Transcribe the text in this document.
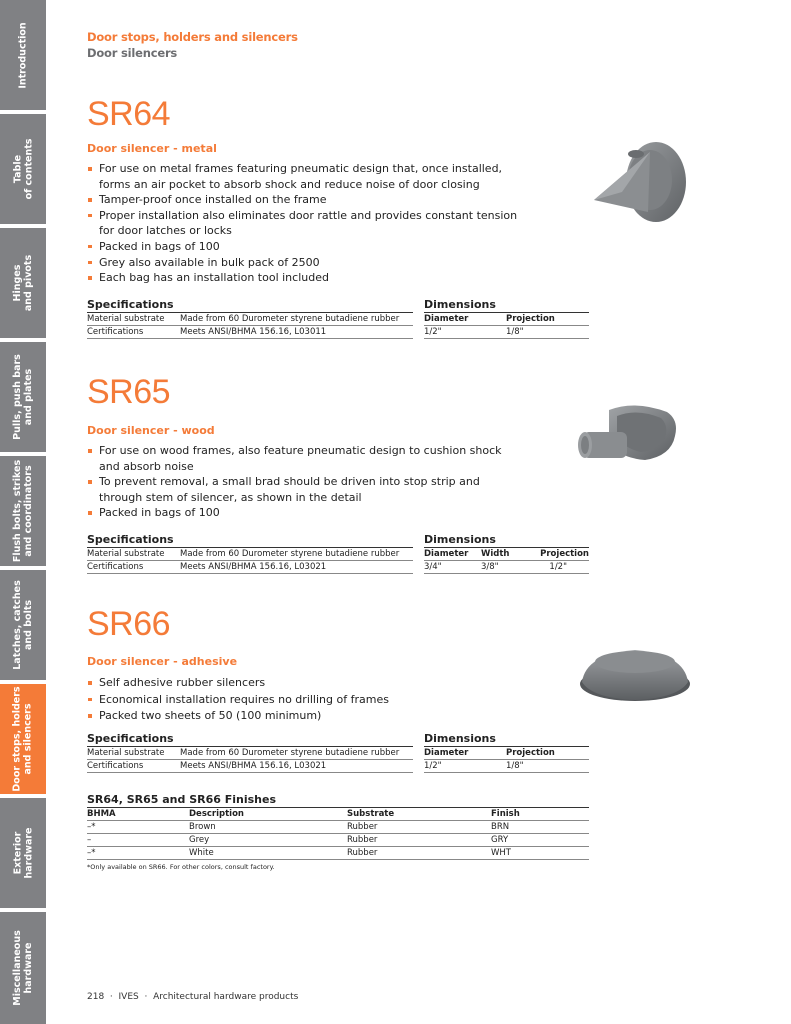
Introduction
Table
of contents
Hinges
and pivots
Pulls, push bars
and plates
Flush bolts, strikes
and coordinators
Latches, catches
and bolts
Door stops, holders
and silencers
Exterior
hardware
Miscellaneous
hardware
Door stops, holders and silencers
Door silencers
SR64
Door silencer - metal
For use on metal frames featuring pneumatic design that, once installed,
forms an air pocket to absorb shock and reduce noise of door closing
Tamper-proof once installed on the frame
Proper installation also eliminates door rattle and provides constant tension
for door latches or locks
Packed in bags of 100
Grey also available in bulk pack of 2500
Each bag has an installation tool included
Specifications
Material substrate	Made from 60 Durometer styrene butadiene rubber
Certifications	Meets ANSI/BHMA 156.16, L03011
Dimensions
Diameter	Projection
1/2"	1/8"
SR65
Door silencer - wood
For use on wood frames, also feature pneumatic design to cushion shock
and absorb noise
To prevent removal, a small brad should be driven into stop strip and
through stem of silencer, as shown in the detail
Packed in bags of 100
Specifications
Material substrate	Made from 60 Durometer styrene butadiene rubber
Certifications	Meets ANSI/BHMA 156.16, L03021
Dimensions
Diameter	Width	Projection
3/4"	3/8"	1/2"
SR66
Door silencer - adhesive
Self adhesive rubber silencers
Economical installation requires no drilling of frames
Packed two sheets of 50 (100 minimum)
Specifications
Material substrate	Made from 60 Durometer styrene butadiene rubber
Certifications	Meets ANSI/BHMA 156.16, L03021
Dimensions
Diameter	Projection
1/2"	1/8"
SR64, SR65 and SR66 Finishes
BHMA	Description	Substrate	Finish
–*	Brown	Rubber	BRN
–	Grey	Rubber	GRY
–*	White	Rubber	WHT
*Only available on SR66. For other colors, consult factory.
218  ·  IVES  ·  Architectural hardware products
